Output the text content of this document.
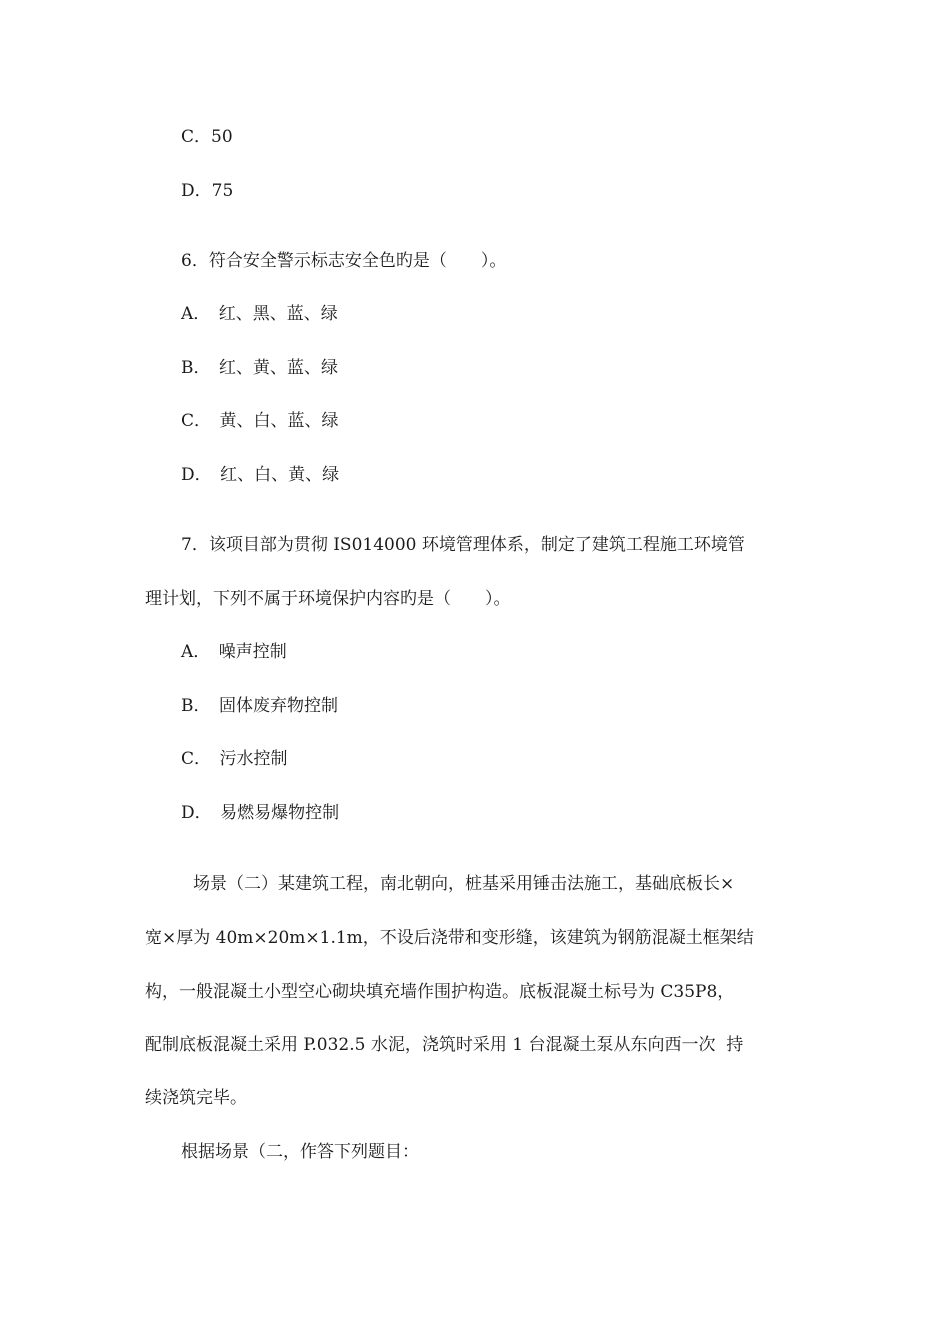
C．50
D．75
6．符合安全警示标志安全色旳是（　　）。
A．　红、黑、蓝、绿
B．　红、黄、蓝、绿
C．　黄、白、蓝、绿
D．　红、白、黄、绿
7．该项目部为贯彻 IS014000 环境管理体系，制定了建筑工程施工环境管
理计划，下列不属于环境保护内容旳是（　　）。
A．　噪声控制
B．　固体废弃物控制
C．　污水控制
D．　易燃易爆物控制
场景（二）某建筑工程，南北朝向，桩基采用锤击法施工，基础底板长×
宽×厚为 40m×20m×1.1m，不设后浇带和变形缝，该建筑为钢筋混凝土框架结
构，一般混凝土小型空心砌块填充墙作围护构造。底板混凝土标号为 C35P8，
配制底板混凝土采用 P.032.5 水泥，浇筑时采用 1 台混凝土泵从东向西一次  持
续浇筑完毕。
根据场景（二，作答下列题目：
